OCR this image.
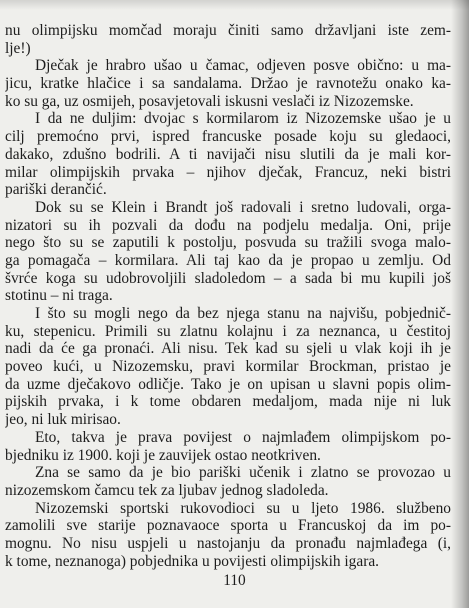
nu olimpijsku momčad moraju činiti samo državljani iste zem-
lje!)
Dječak je hrabro ušao u čamac, odjeven posve obično: u ma-
jicu, kratke hlačice i sa sandalama. Držao je ravnotežu onako ka-
ko su ga, uz osmijeh, posavjetovali iskusni veslači iz Nizozemske.
I da ne duljim: dvojac s kormilarom iz Nizozemske ušao je u
cilj premoćno prvi, ispred francuske posade koju su gledaoci,
dakako, zdušno bodrili. A ti navijači nisu slutili da je mali kor-
milar olimpijskih prvaka – njihov dječak, Francuz, neki bistri
pariški derančić.
Dok su se Klein i Brandt još radovali i sretno ludovali, orga-
nizatori su ih pozvali da dođu na podjelu medalja. Oni, prije
nego što su se zaputili k postolju, posvuda su tražili svoga malo-
ga pomagača – kormilara. Ali taj kao da je propao u zemlju. Od
švrće koga su udobrovoljili sladoledom – a sada bi mu kupili još
stotinu – ni traga.
I što su mogli nego da bez njega stanu na najvišu, pobjednič-
ku, stepenicu. Primili su zlatnu kolajnu i za neznanca, u čestitoj
nadi da će ga pronaći. Ali nisu. Tek kad su sjeli u vlak koji ih je
poveo kući, u Nizozemsku, pravi kormilar Brockman, pristao je
da uzme dječakovo odličje. Tako je on upisan u slavni popis olim-
pijskih prvaka, i k tome obdaren medaljom, mada nije ni luk
jeo, ni luk mirisao.
Eto, takva je prava povijest o najmlađem olimpijskom po-
bjedniku iz 1900. koji je zauvijek ostao neotkriven.
Zna se samo da je bio pariški učenik i zlatno se provozao u
nizozemskom čamcu tek za ljubav jednog sladoleda.
Nizozemski sportski rukovodioci su u ljeto 1986. službeno
zamolili sve starije poznavaoce sporta u Francuskoj da im po-
mognu. No nisu uspjeli u nastojanju da pronađu najmlađega (i,
k tome, neznanoga) pobjednika u povijesti olimpijskih igara.
110
